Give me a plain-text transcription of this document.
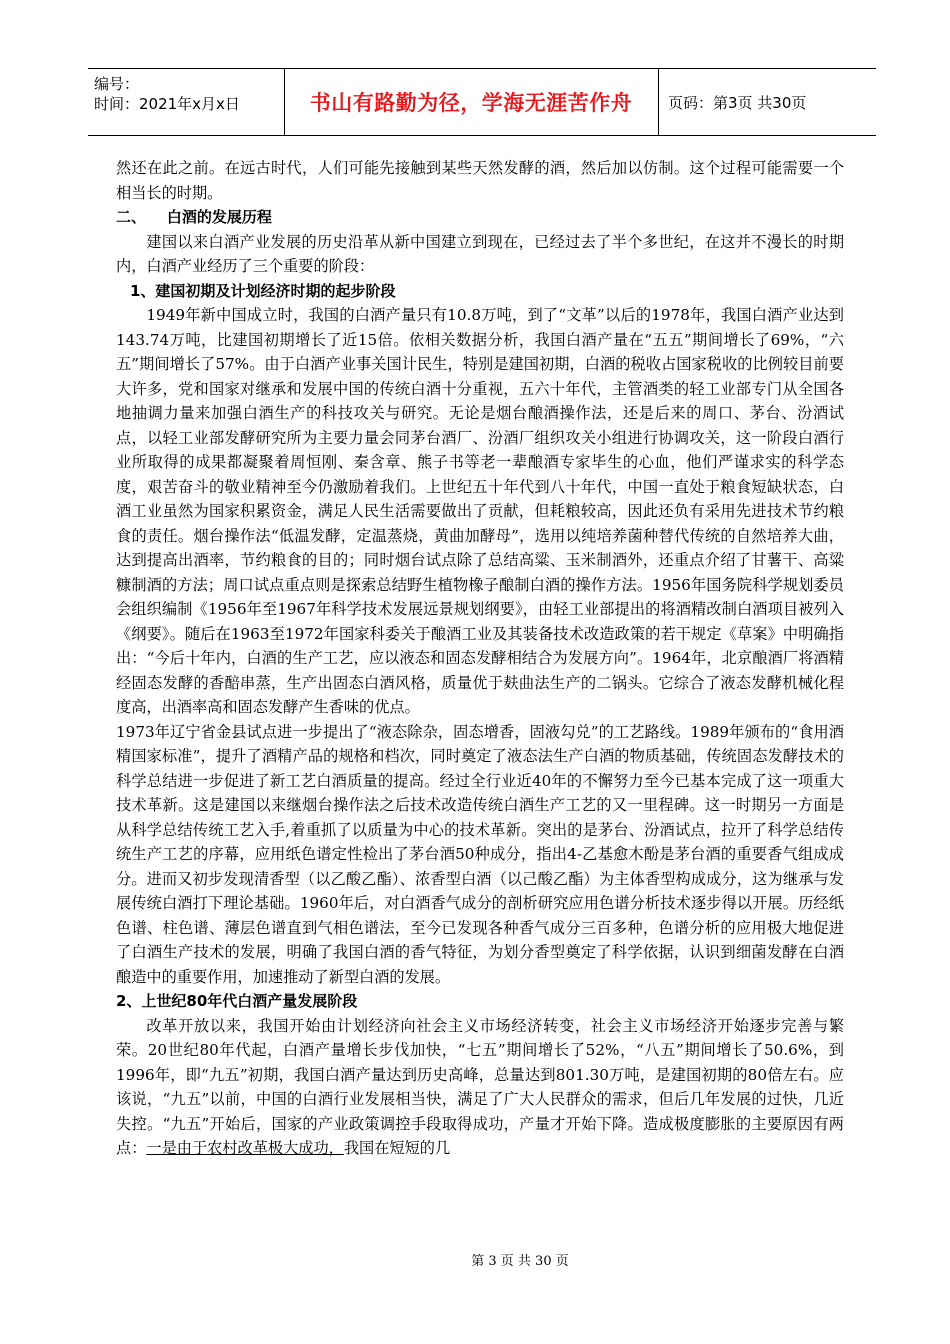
编号：
时间：2021年x月x日	书山有路勤为径，学海无涯苦作舟 页码：第3页 共30页

然还在此之前。在远古时代，人们可能先接触到某些天然发酵的酒，然后加以仿制。这个过程可能需要一个相当长的时期。

二、    白酒的发展历程

建国以来白酒产业发展的历史沿革从新中国建立到现在，已经过去了半个多世纪，在这并不漫长的时期内，白酒产业经历了三个重要的阶段：

1、建国初期及计划经济时期的起步阶段

1949年新中国成立时，我国的白酒产量只有10.8万吨，到了“文革”以后的1978年，我国白酒产业达到143.74万吨，比建国初期增长了近15倍。依相关数据分析，我国白酒产量在“五五”期间增长了69%，“六五”期间增长了57%。由于白酒产业事关国计民生，特别是建国初期，白酒的税收占国家税收的比例较目前要大许多，党和国家对继承和发展中国的传统白酒十分重视，五六十年代，主管酒类的轻工业部专门从全国各地抽调力量来加强白酒生产的科技攻关与研究。无论是烟台酿酒操作法，还是后来的周口、茅台、汾酒试点，以轻工业部发酵研究所为主要力量会同茅台酒厂、汾酒厂组织攻关小组进行协调攻关，这一阶段白酒行业所取得的成果都凝聚着周恒刚、秦含章、熊子书等老一辈酿酒专家毕生的心血，他们严谨求实的科学态度，艰苦奋斗的敬业精神至今仍激励着我们。上世纪五十年代到八十年代，中国一直处于粮食短缺状态，白酒工业虽然为国家积累资金，满足人民生活需要做出了贡献，但耗粮较高，因此还负有采用先进技术节约粮食的责任。烟台操作法“低温发酵，定温蒸烧，黄曲加酵母”，选用以纯培养菌种替代传统的自然培养大曲，达到提高出酒率，节约粮食的目的；同时烟台试点除了总结高粱、玉米制酒外，还重点介绍了甘薯干、高粱糠制酒的方法；周口试点重点则是探索总结野生植物橡子酿制白酒的操作方法。1956年国务院科学规划委员会组织编制《1956年至1967年科学技术发展远景规划纲要》，由轻工业部提出的将酒精改制白酒项目被列入《纲要》。随后在1963至1972年国家科委关于酿酒工业及其装备技术改造政策的若干规定《草案》中明确指出：“今后十年内，白酒的生产工艺，应以液态和固态发酵相结合为发展方向”。1964年，北京酿酒厂将酒精经固态发酵的香醅串蒸，生产出固态白酒风格，质量优于麸曲法生产的二锅头。它综合了液态发酵机械化程度高，出酒率高和固态发酵产生香味的优点。

1973年辽宁省金县试点进一步提出了“液态除杂，固态增香，固液勾兑”的工艺路线。1989年颁布的“食用酒精国家标准”，提升了酒精产品的规格和档次，同时奠定了液态法生产白酒的物质基础，传统固态发酵技术的科学总结进一步促进了新工艺白酒质量的提高。经过全行业近40年的不懈努力至今已基本完成了这一项重大技术革新。这是建国以来继烟台操作法之后技术改造传统白酒生产工艺的又一里程碑。这一时期另一方面是从科学总结传统工艺入手,着重抓了以质量为中心的技术革新。突出的是茅台、汾酒试点，拉开了科学总结传统生产工艺的序幕，应用纸色谱定性检出了茅台酒50种成分，指出4-乙基愈木酚是茅台酒的重要香气组成成分。进而又初步发现清香型（以乙酸乙酯）、浓香型白酒（以己酸乙酯）为主体香型构成成分，这为继承与发展传统白酒打下理论基础。1960年后，对白酒香气成分的剖析研究应用色谱分析技术逐步得以开展。历经纸色谱、柱色谱、薄层色谱直到气相色谱法，至今已发现各种香气成分三百多种，色谱分析的应用极大地促进了白酒生产技术的发展，明确了我国白酒的香气特征，为划分香型奠定了科学依据，认识到细菌发酵在白酒酿造中的重要作用，加速推动了新型白酒的发展。

2、上世纪80年代白酒产量发展阶段

改革开放以来，我国开始由计划经济向社会主义市场经济转变，社会主义市场经济开始逐步完善与繁荣。20世纪80年代起，白酒产量增长步伐加快，“七五”期间增长了52%，“八五”期间增长了50.6%，到1996年，即“九五”初期，我国白酒产量达到历史高峰，总量达到801.30万吨，是建国初期的80倍左右。应该说，“九五”以前，中国的白酒行业发展相当快，满足了广大人民群众的需求，但后几年发展的过快，几近失控。“九五”开始后，国家的产业政策调控手段取得成功，产量才开始下降。造成极度膨胀的主要原因有两点：一是由于农村改革极大成功，我国在短短的几

第 3 页 共 30 页
